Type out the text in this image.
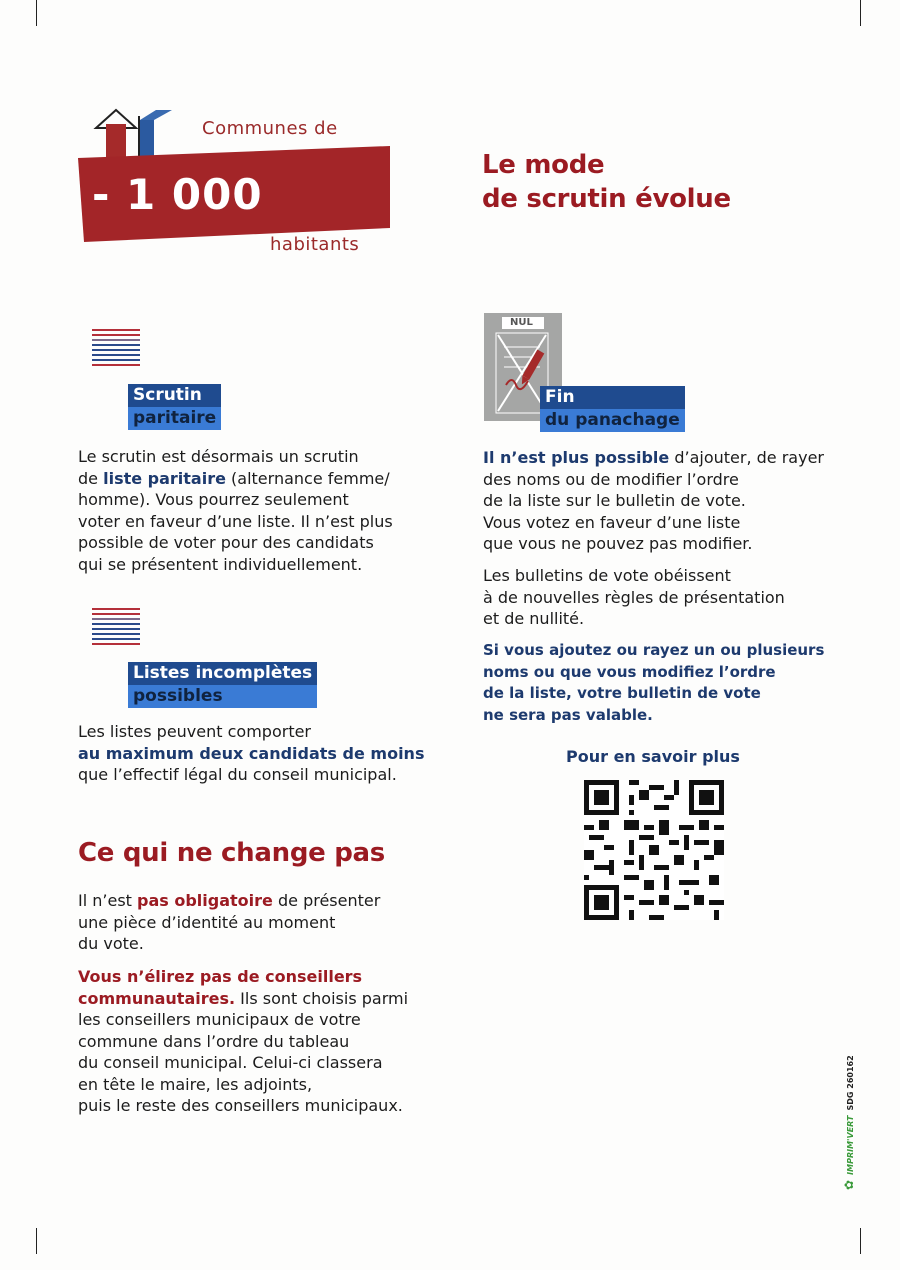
Communes de
- 1 000
habitants
Le mode
de scrutin évolue
Scrutin
paritaire
Le scrutin est désormais un scrutin
de liste paritaire (alternance femme/
homme). Vous pourrez seulement
voter en faveur d’une liste. Il n’est plus
possible de voter pour des candidats
qui se présentent individuellement.
Listes incomplètes
possibles
Les listes peuvent comporter
au maximum deux candidats de moins
que l’effectif légal du conseil municipal.
Ce qui ne change pas
Il n’est pas obligatoire de présenter
une pièce d’identité au moment
du vote.
Vous n’élirez pas de conseillers
communautaires. Ils sont choisis parmi
les conseillers municipaux de votre
commune dans l’ordre du tableau
du conseil municipal. Celui-ci classera
en tête le maire, les adjoints,
puis le reste des conseillers municipaux.
NUL
Fin
du panachage
Il n’est plus possible d’ajouter, de rayer
des noms ou de modifier l’ordre
de la liste sur le bulletin de vote.
Vous votez en faveur d’une liste
que vous ne pouvez pas modifier.
Les bulletins de vote obéissent
à de nouvelles règles de présentation
et de nullité.
Si vous ajoutez ou rayez un ou plusieurs
noms ou que vous modifiez l’ordre
de la liste, votre bulletin de vote
ne sera pas valable.
Pour en savoir plus
✿ IMPRIM'VERT SDG 260162
